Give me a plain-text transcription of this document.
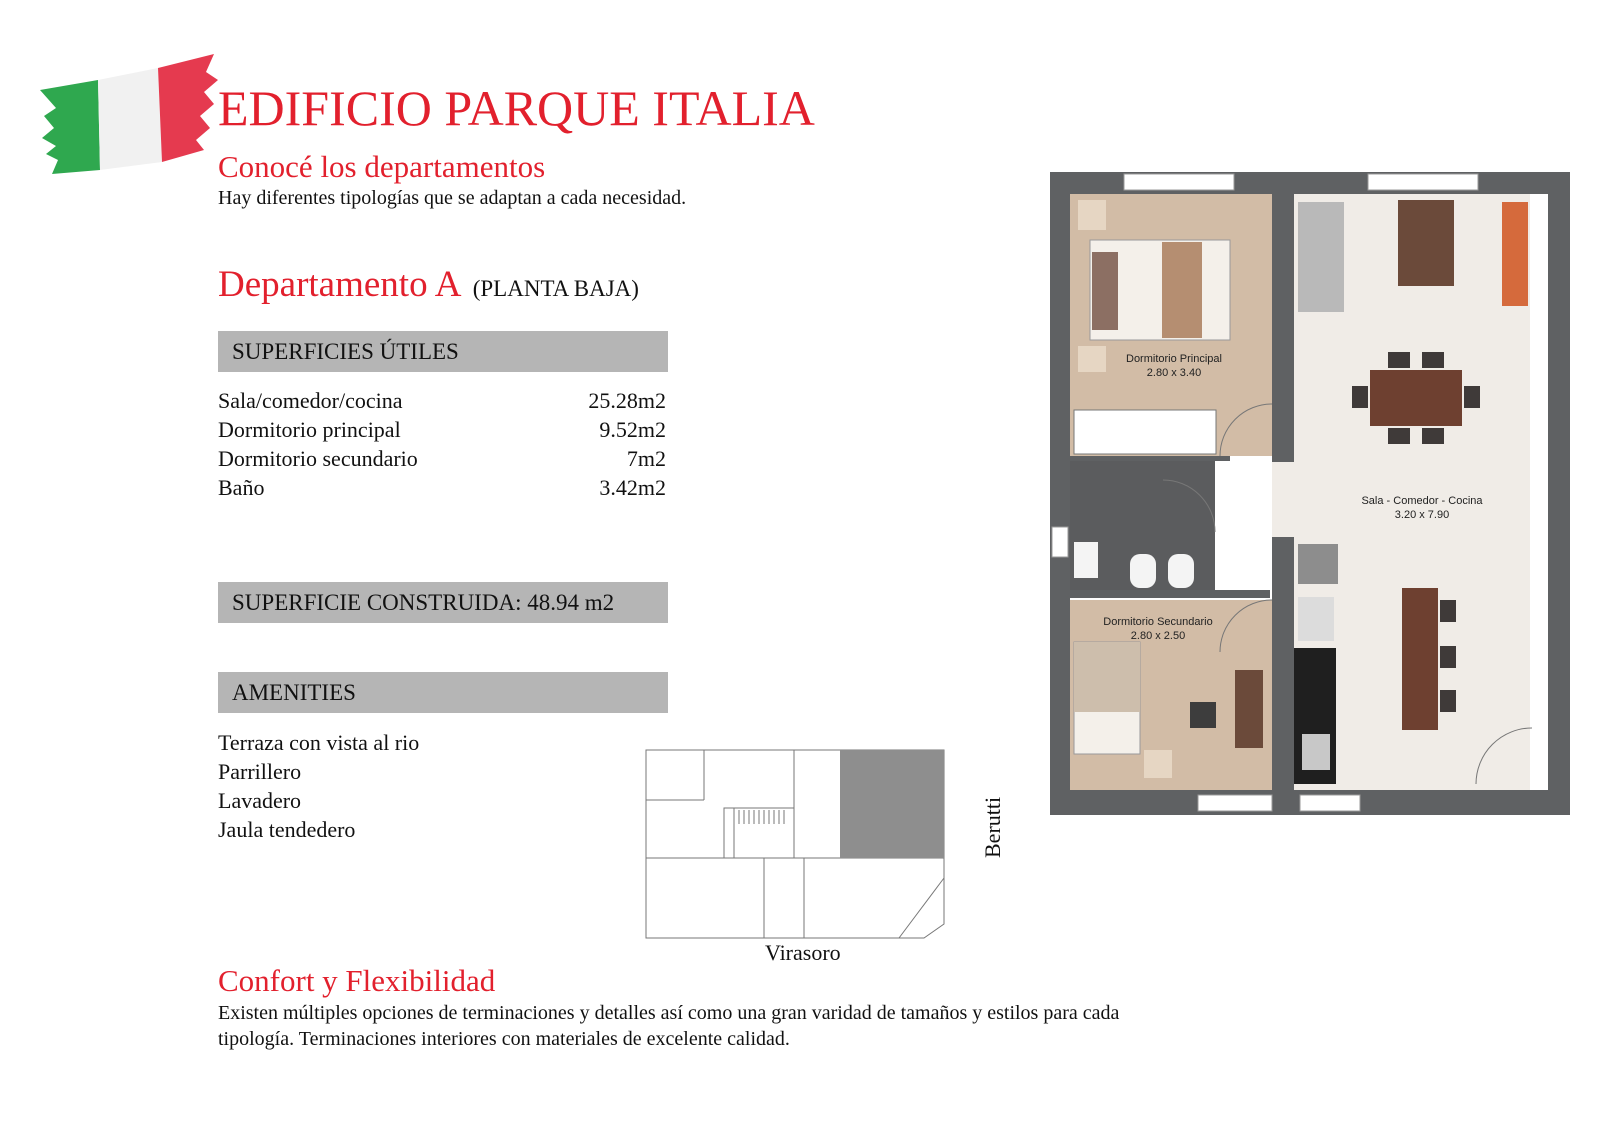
EDIFICIO PARQUE ITALIA
Conocé los departamentos
Hay diferentes tipologías que se adaptan a cada necesidad.
Departamento A (PLANTA BAJA)
SUPERFICIES ÚTILES
Sala/comedor/cocina	25.28m2
Dormitorio principal	9.52m2
Dormitorio secundario	7m2
Baño	3.42m2
SUPERFICIE CONSTRUIDA: 48.94 m2
AMENITIES
Terraza con vista al rio
Parrillero
Lavadero
Jaula tendedero	Berutti
Virasoro
Dormitorio Principal
2.80 x 3.40
Sala - Comedor - Cocina
3.20 x 7.90
Dormitorio Secundario
2.80 x 2.50
Confort y Flexibilidad
Existen múltiples opciones de terminaciones y detalles así como una gran varidad de tamaños y estilos para cada tipología. Terminaciones interiores con materiales de excelente calidad.
